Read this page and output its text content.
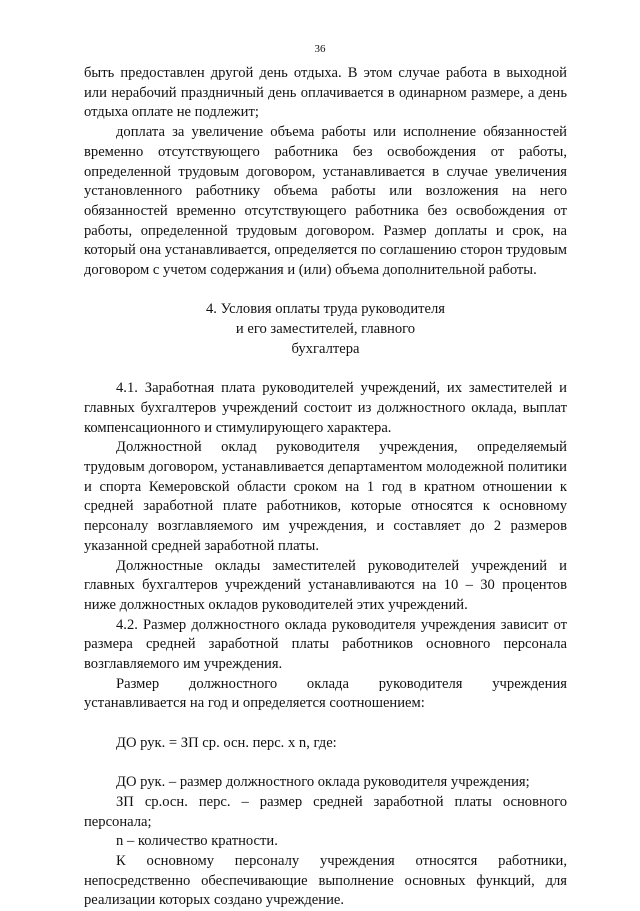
36

быть предоставлен другой день отдыха. В этом случае работа в выходной или нерабочий праздничный день оплачивается в одинарном размере, а день отдыха оплате не подлежит;

доплата за увеличение объема работы или исполнение обязанностей временно отсутствующего работника без освобождения от работы, определенной трудовым договором, устанавливается в случае увеличения установленного работнику объема работы или возложения на него обязанностей временно отсутствующего работника без освобождения от работы, определенной трудовым договором. Размер доплаты и срок, на который она устанавливается, определяется по соглашению сторон трудовым договором с учетом содержания и (или) объема дополнительной работы.

4. Условия оплаты труда руководителя

и его заместителей, главного

бухгалтера

4.1. Заработная плата руководителей учреждений, их заместителей и главных бухгалтеров учреждений состоит из должностного оклада, выплат компенсационного и стимулирующего характера.

Должностной оклад руководителя учреждения, определяемый трудовым договором, устанавливается департаментом молодежной политики и спорта Кемеровской области сроком на 1 год в кратном отношении к средней заработной плате работников, которые относятся к основному персоналу возглавляемого им учреждения, и составляет до 2 размеров указанной средней заработной платы.

Должностные оклады заместителей руководителей учреждений и главных бухгалтеров учреждений устанавливаются на 10 – 30 процентов ниже должностных окладов руководителей этих учреждений.

4.2. Размер должностного оклада руководителя учреждения зависит от размера средней заработной платы работников основного персонала возглавляемого им учреждения.

Размер должностного оклада руководителя учреждения устанавливается на год и определяется соотношением:

ДО рук. = ЗП ср. осн. перс. х n, где:

ДО рук. – размер должностного оклада руководителя учреждения;

ЗП ср.осн. перс. – размер средней заработной платы основного персонала;

n – количество кратности.

К основному персоналу учреждения относятся работники, непосредственно обеспечивающие выполнение основных функций, для реализации которых создано учреждение.
